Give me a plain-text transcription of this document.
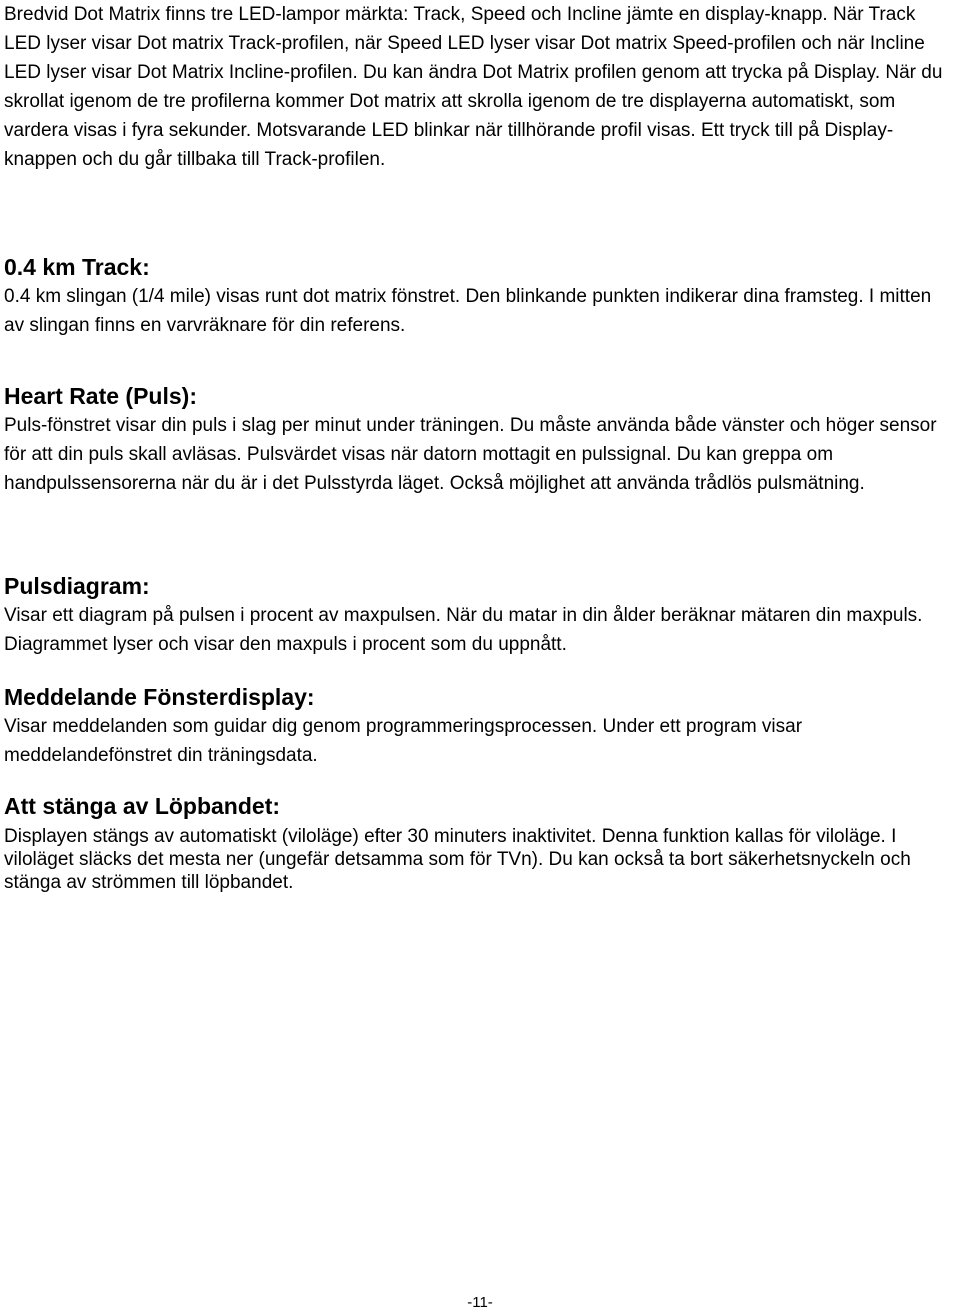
Bredvid Dot Matrix finns tre LED-lampor märkta: Track, Speed och Incline jämte en display-knapp. När Track LED lyser visar Dot matrix Track-profilen, när Speed LED lyser visar Dot matrix Speed-profilen och när Incline LED lyser visar Dot Matrix Incline-profilen. Du kan ändra Dot Matrix profilen genom att trycka på Display. När du skrollat igenom de tre profilerna kommer Dot matrix att skrolla igenom de tre displayerna automatiskt, som vardera visas i fyra sekunder. Motsvarande LED blinkar när tillhörande profil visas. Ett tryck till på Display-knappen och du går tillbaka till Track-profilen.

0.4 km Track:

0.4 km slingan (1/4 mile) visas runt dot matrix fönstret. Den blinkande punkten indikerar dina framsteg. I mitten av slingan finns en varvräknare för din referens.

Heart Rate (Puls):

Puls-fönstret visar din puls i slag per minut under träningen. Du måste använda både vänster och höger sensor för att din puls skall avläsas. Pulsvärdet visas när datorn mottagit en pulssignal. Du kan greppa om handpulssensorerna när du är i det Pulsstyrda läget. Också möjlighet att använda trådlös pulsmätning.

Pulsdiagram:

Visar ett diagram på pulsen i procent av maxpulsen. När du matar in din ålder beräknar mätaren din maxpuls. Diagrammet lyser och visar den maxpuls i procent som du uppnått.

Meddelande Fönsterdisplay:

Visar meddelanden som guidar dig genom programmeringsprocessen. Under ett program visar meddelandefönstret din träningsdata.

Att stänga av Löpbandet:

Displayen stängs av automatiskt (viloläge) efter 30 minuters inaktivitet. Denna funktion kallas för viloläge. I viloläget släcks det mesta ner (ungefär detsamma som för TVn). Du kan också ta bort säkerhetsnyckeln och stänga av strömmen till löpbandet.

-11-
